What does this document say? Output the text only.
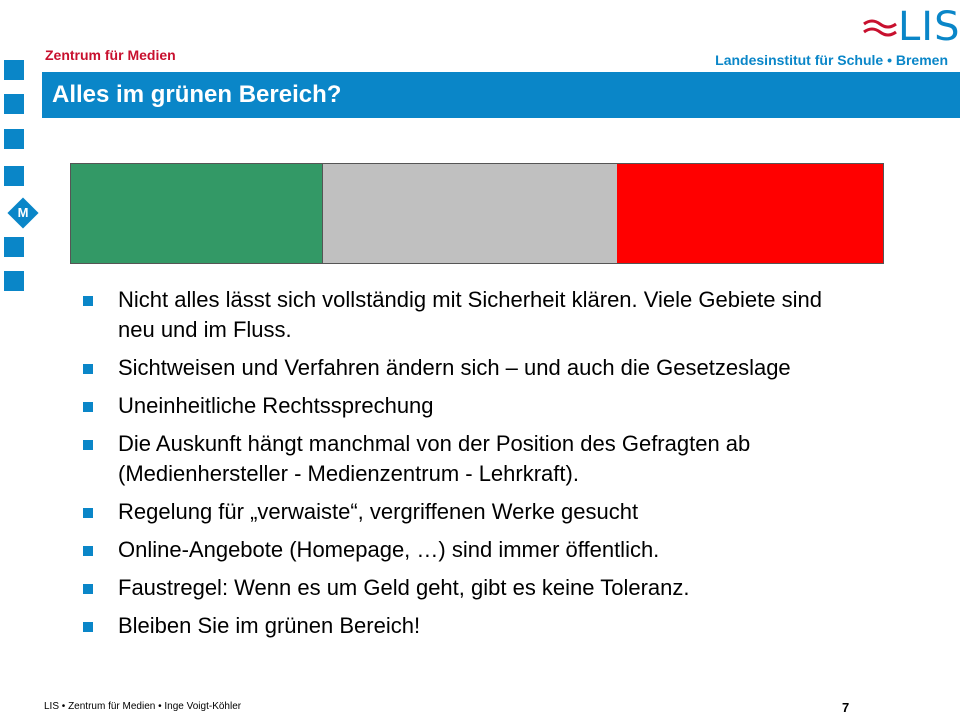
M
Zentrum für Medien	Landesinstitut für Schule • Bremen
LIS
Alles im grünen Bereich?
Nicht alles lässt sich vollständig mit Sicherheit klären. Viele Gebiete sind neu und im Fluss.
Sichtweisen und Verfahren ändern sich – und auch die Gesetzeslage
Uneinheitliche Rechtssprechung
Die Auskunft hängt manchmal von der Position des Gefragten ab (Medienhersteller - Medienzentrum - Lehrkraft).
Regelung für „verwaiste“, vergriffenen Werke gesucht
Online-Angebote (Homepage, …) sind immer öffentlich.
Faustregel: Wenn es um Geld geht, gibt es keine Toleranz.
Bleiben Sie im grünen Bereich!
LIS • Zentrum für Medien • Inge Voigt-Köhler	7
